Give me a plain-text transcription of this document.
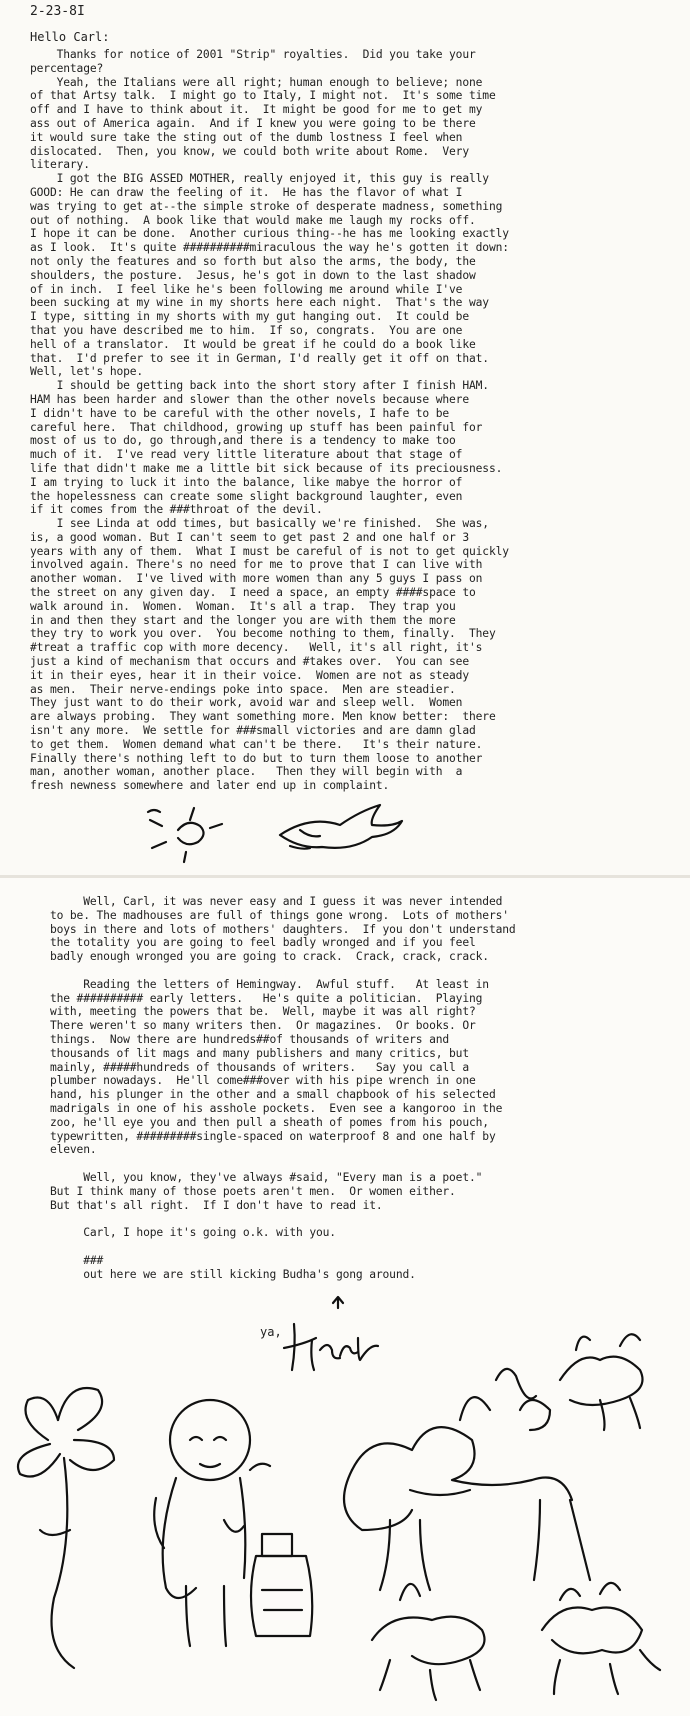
2-23-8I
Hello Carl:
Thanks for notice of 2001 "Strip" royalties.  Did you take your
percentage?
Yeah, the Italians were all right; human enough to believe; none
of that Artsy talk.  I might go to Italy, I might not.  It's some time
off and I have to think about it.  It might be good for me to get my
ass out of America again.  And if I knew you were going to be there
it would sure take the sting out of the dumb lostness I feel when
dislocated.  Then, you know, we could both write about Rome.  Very
literary.
I got the BIG ASSED MOTHER, really enjoyed it, this guy is really
GOOD: He can draw the feeling of it.  He has the flavor of what I
was trying to get at--the simple stroke of desperate madness, something
out of nothing.  A book like that would make me laugh my rocks off.
I hope it can be done.  Another curious thing--he has me looking exactly
as I look.  It's quite ##########miraculous the way he's gotten it down:
not only the features and so forth but also the arms, the body, the
shoulders, the posture.  Jesus, he's got in down to the last shadow
of in inch.  I feel like he's been following me around while I've
been sucking at my wine in my shorts here each night.  That's the way
I type, sitting in my shorts with my gut hanging out.  It could be
that you have described me to him.  If so, congrats.  You are one
hell of a translator.  It would be great if he could do a book like
that.  I'd prefer to see it in German, I'd really get it off on that.
Well, let's hope.
I should be getting back into the short story after I finish HAM.
HAM has been harder and slower than the other novels because where
I didn't have to be careful with the other novels, I hafe to be
careful here.  That childhood, growing up stuff has been painful for
most of us to do, go through,and there is a tendency to make too
much of it.  I've read very little literature about that stage of
life that didn't make me a little bit sick because of its preciousness.
I am trying to luck it into the balance, like mabye the horror of
the hopelessness can create some slight background laughter, even
if it comes from the ###throat of the devil.
I see Linda at odd times, but basically we're finished.  She was,
is, a good woman. But I can't seem to get past 2 and one half or 3
years with any of them.  What I must be careful of is not to get quickly
involved again. There's no need for me to prove that I can live with
another woman.  I've lived with more women than any 5 guys I pass on
the street on any given day.  I need a space, an empty ####space to
walk around in.  Women.  Woman.  It's all a trap.  They trap you
in and then they start and the longer you are with them the more
they try to work you over.  You become nothing to them, finally.  They
#treat a traffic cop with more decency.   Well, it's all right, it's
just a kind of mechanism that occurs and #takes over.  You can see
it in their eyes, hear it in their voice.  Women are not as steady
as men.  Their nerve-endings poke into space.  Men are steadier.
They just want to do their work, avoid war and sleep well.  Women
are always probing.  They want something more. Men know better:  there
isn't any more.  We settle for ###small victories and are damn glad
to get them.  Women demand what can't be there.   It's their nature.
Finally there's nothing left to do but to turn them loose to another
man, another woman, another place.   Then they will begin with  a
fresh newness somewhere and later end up in complaint.
Well, Carl, it was never easy and I guess it was never intended
to be. The madhouses are full of things gone wrong.  Lots of mothers'
boys in there and lots of mothers' daughters.  If you don't understand
the totality you are going to feel badly wronged and if you feel
badly enough wronged you are going to crack.  Crack, crack, crack.

Reading the letters of Hemingway.  Awful stuff.   At least in
the ########## early letters.   He's quite a politician.  Playing
with, meeting the powers that be.  Well, maybe it was all right?
There weren't so many writers then.  Or magazines.  Or books. Or
things.  Now there are hundreds##of thousands of writers and
thousands of lit mags and many publishers and many critics, but
mainly, #####hundreds of thousands of writers.   Say you call a
plumber nowadays.  He'll come###over with his pipe wrench in one
hand, his plunger in the other and a small chapbook of his selected
madrigals in one of his asshole pockets.  Even see a kangoroo in the
zoo, he'll eye you and then pull a sheath of pomes from his pouch,
typewritten, #########single-spaced on waterproof 8 and one half by
eleven.

Well, you know, they've always #said, "Every man is a poet."
But I think many of those poets aren't men.  Or women either.
But that's all right.  If I don't have to read it.

Carl, I hope it's going o.k. with you.

###
out here we are still kicking Budha's gong around.
ya,
